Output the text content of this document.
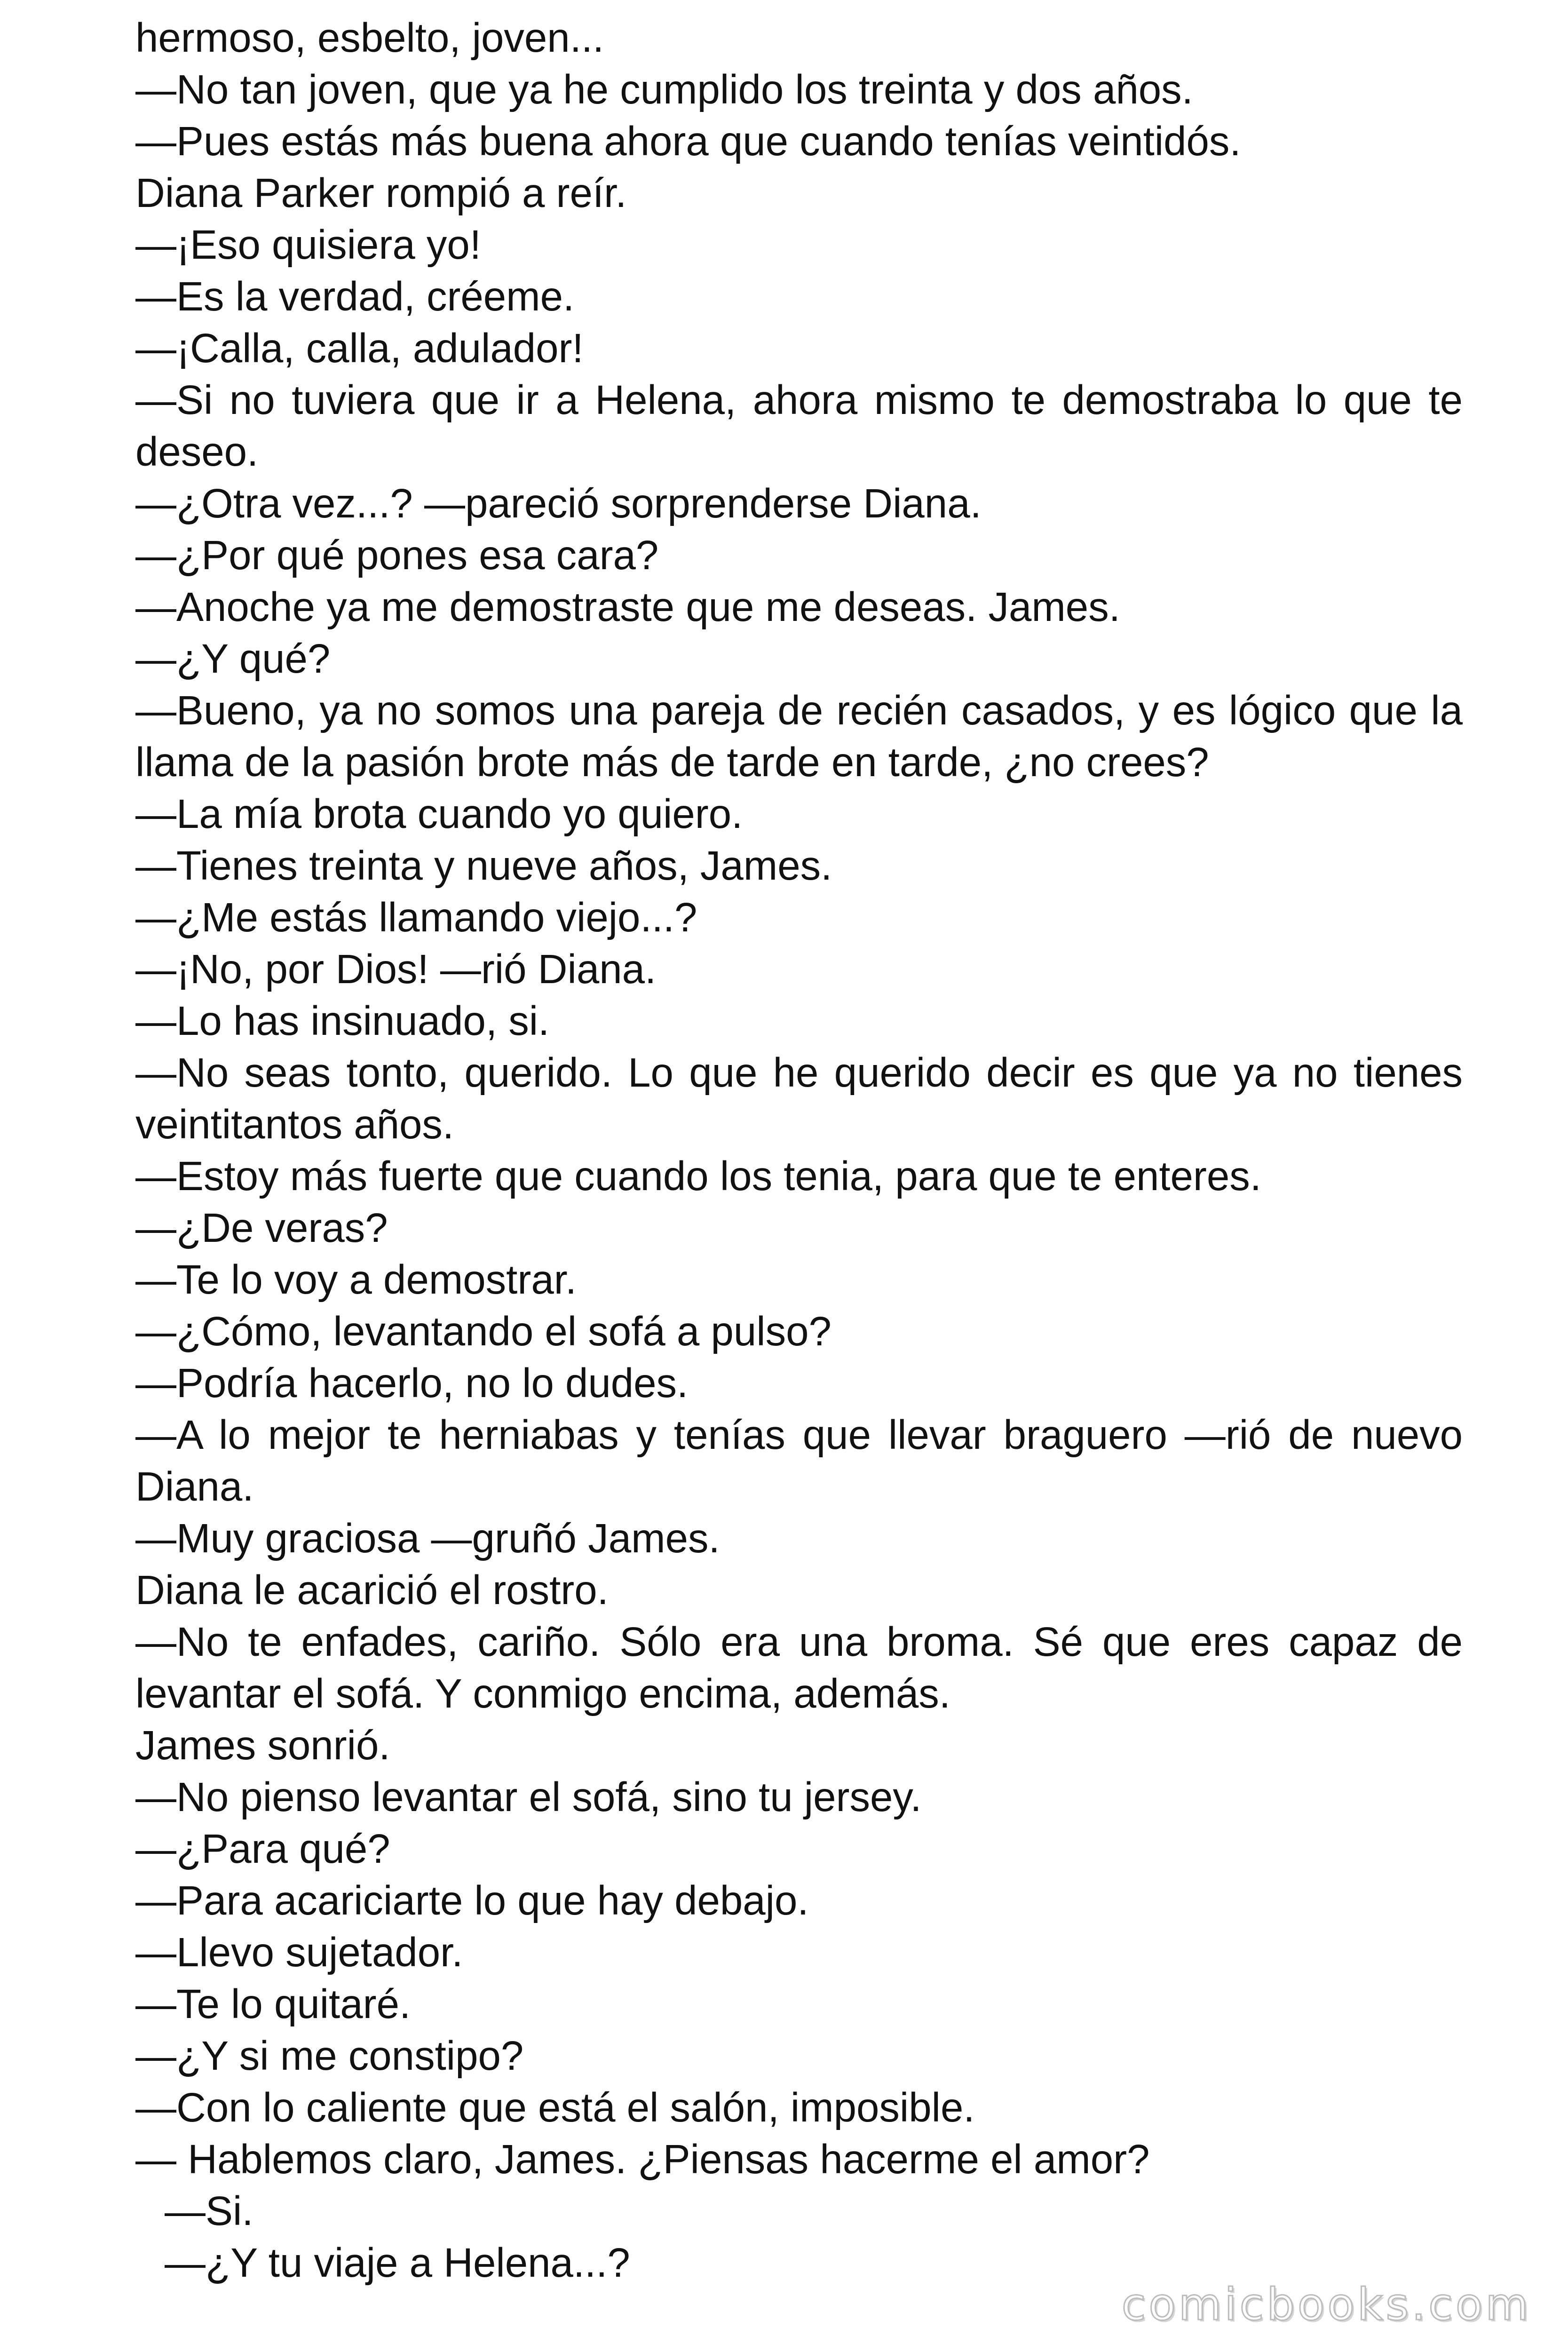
hermoso, esbelto, joven...

—No tan joven, que ya he cumplido los treinta y dos años.

—Pues estás más buena ahora que cuando tenías veintidós.

Diana Parker rompió a reír.

—¡Eso quisiera yo!

—Es la verdad, créeme.

—¡Calla, calla, adulador!

—Si no tuviera que ir a Helena, ahora mismo te demostraba lo que te deseo.

—¿Otra vez...? —pareció sorprenderse Diana.

—¿Por qué pones esa cara?

—Anoche ya me demostraste que me deseas. James.

—¿Y qué?

—Bueno, ya no somos una pareja de recién casados, y es lógico que la llama de la pasión brote más de tarde en tarde, ¿no crees?

—La mía brota cuando yo quiero.

—Tienes treinta y nueve años, James.

—¿Me estás llamando viejo...?

—¡No, por Dios! —rió Diana.

—Lo has insinuado, si.

—No seas tonto, querido. Lo que he querido decir es que ya no tienes veintitantos años.

—Estoy más fuerte que cuando los tenia, para que te enteres.

—¿De veras?

—Te lo voy a demostrar.

—¿Cómo, levantando el sofá a pulso?

—Podría hacerlo, no lo dudes.

—A lo mejor te herniabas y tenías que llevar braguero —rió de nuevo Diana.

—Muy graciosa —gruñó James.

Diana le acarició el rostro.

—No te enfades, cariño. Sólo era una broma. Sé que eres capaz de levantar el sofá. Y conmigo encima, además.

James sonrió.

—No pienso levantar el sofá, sino tu jersey.

—¿Para qué?

—Para acariciarte lo que hay debajo.

—Llevo sujetador.

—Te lo quitaré.

—¿Y si me constipo?

—Con lo caliente que está el salón, imposible.

— Hablemos claro, James. ¿Piensas hacerme el amor?

—Si.

—¿Y tu viaje a Helena...?

comicbooks.com
